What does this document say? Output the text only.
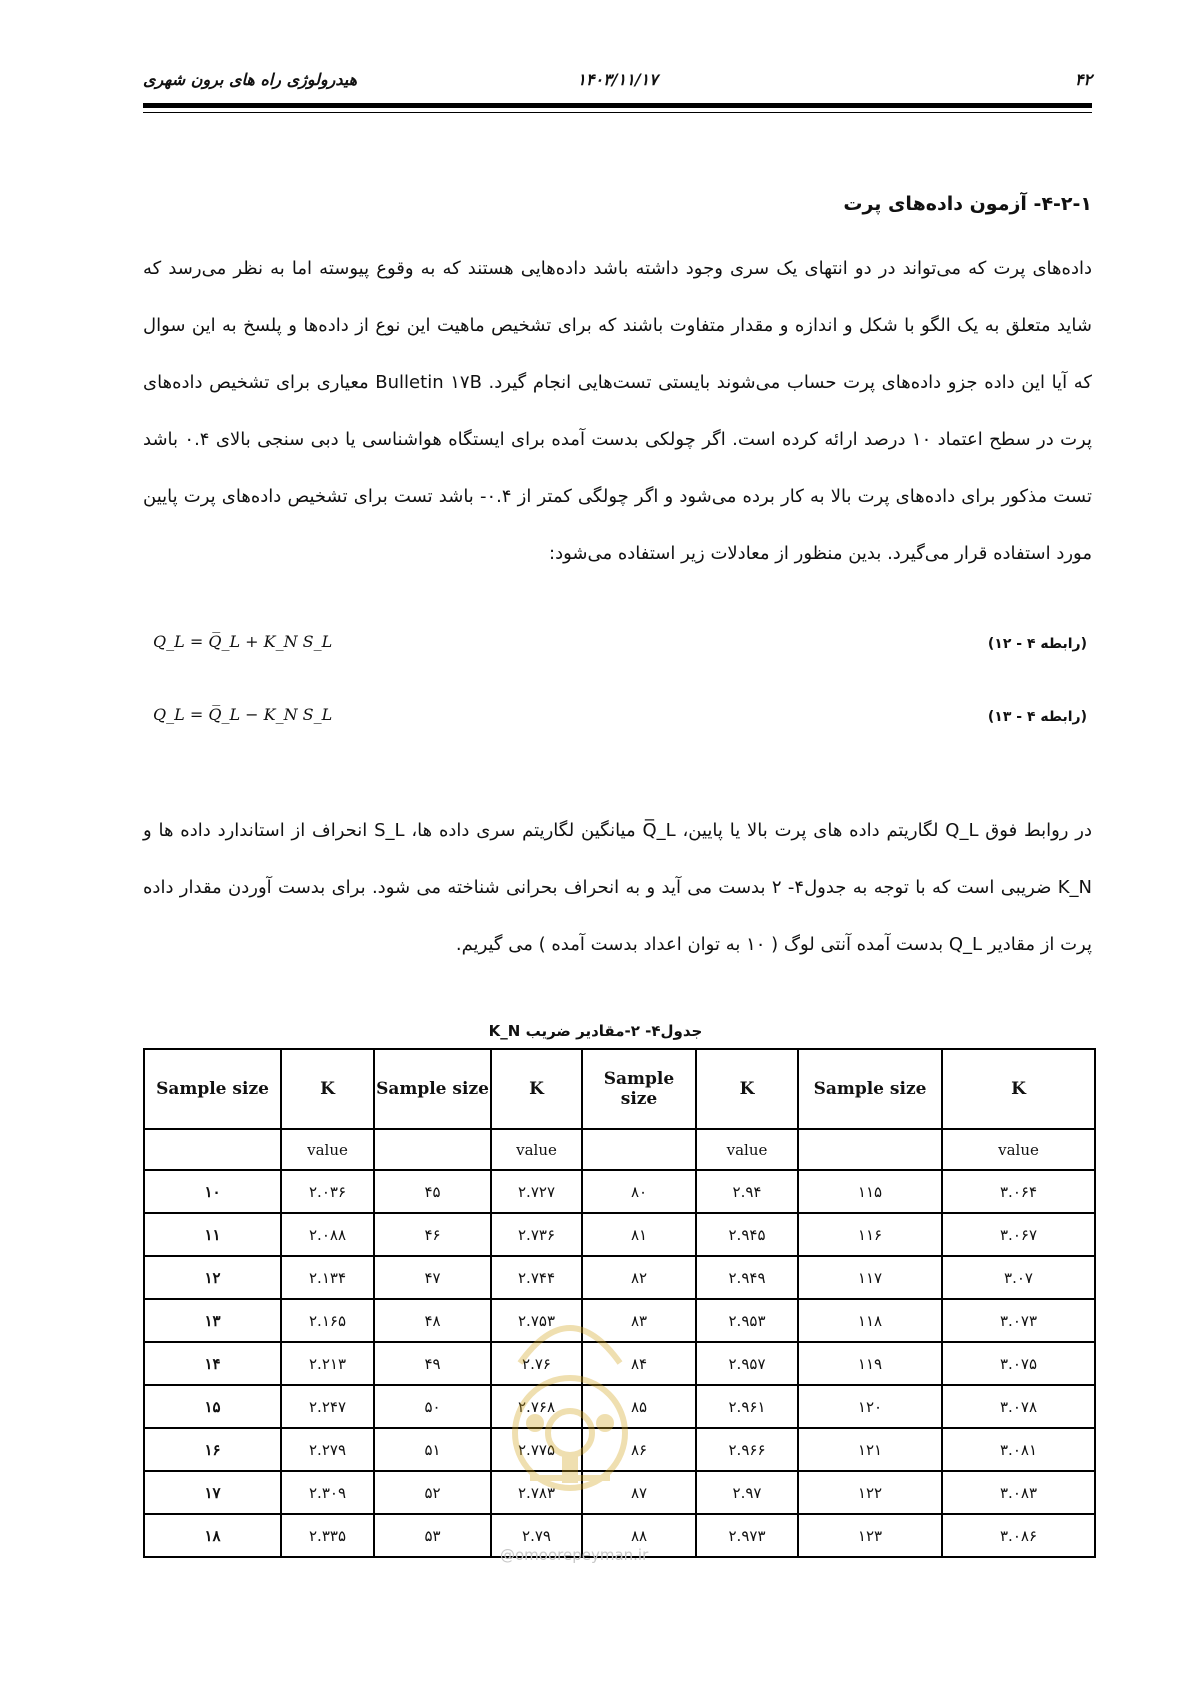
۴۲
۱۴۰۳/۱۱/۱۷
هیدرولوژی راه های برون شهری
۴-۲-۱- آزمون داده‌های پرت
داده‌های پرت که می‌تواند در دو انتهای یک سری وجود داشته باشد داده‌هایی هستند که به وقوع پیوسته اما به نظر می‌رسد که شاید متعلق به یک الگو با شکل و اندازه و مقدار متفاوت باشند که برای تشخیص ماهیت این نوع از داده‌ها و پلسخ به این سوال که آیا این داده جزو داده‌های پرت حساب می‌شوند بایستی تست‌هایی انجام گیرد. Bulletin ۱۷B معیاری برای تشخیص داده‌های پرت در سطح اعتماد ۱۰ درصد ارائه کرده است. اگر چولکی بدست آمده برای ایستگاه هواشناسی یا دبی سنجی بالای ۰.۴ باشد تست مذکور برای داده‌های پرت بالا به کار برده می‌شود و اگر چولگی کمتر از ۰.۴- باشد تست برای تشخیص داده‌های پرت پایین مورد استفاده قرار می‌گیرد. بدین منظور از معادلات زیر استفاده می‌شود:
Q_L = Q̅_L + K_N S_L	(رابطه ۴ - ۱۲)
Q_L = Q̅_L − K_N S_L	(رابطه ۴ - ۱۳)
در روابط فوق Q_L لگاریتم داده های پرت بالا یا پایین، Q̅_L میانگین لگاریتم سری داده ها، S_L انحراف از استاندارد داده ها و K_N ضریبی است که با توجه به جدول۴- ۲ بدست می آید و به انحراف بحرانی شناخته می شود. برای بدست آوردن مقدار داده پرت از مقادیر Q_L بدست آمده آنتی لوگ ( ۱۰ به توان اعداد بدست آمده ) می گیریم.
جدول۴- ۲-مقادیر ضریب K_N
Sample size	K	Sample size	K	Sample size	K	Sample size	K
	value		value		value		value
۱۰	۲.۰۳۶	۴۵	۲.۷۲۷	۸۰	۲.۹۴	۱۱۵	۳.۰۶۴
۱۱	۲.۰۸۸	۴۶	۲.۷۳۶	۸۱	۲.۹۴۵	۱۱۶	۳.۰۶۷
۱۲	۲.۱۳۴	۴۷	۲.۷۴۴	۸۲	۲.۹۴۹	۱۱۷	۳.۰۷
۱۳	۲.۱۶۵	۴۸	۲.۷۵۳	۸۳	۲.۹۵۳	۱۱۸	۳.۰۷۳
۱۴	۲.۲۱۳	۴۹	۲.۷۶	۸۴	۲.۹۵۷	۱۱۹	۳.۰۷۵
۱۵	۲.۲۴۷	۵۰	۲.۷۶۸	۸۵	۲.۹۶۱	۱۲۰	۳.۰۷۸
۱۶	۲.۲۷۹	۵۱	۲.۷۷۵	۸۶	۲.۹۶۶	۱۲۱	۳.۰۸۱
۱۷	۲.۳۰۹	۵۲	۲.۷۸۳	۸۷	۲.۹۷	۱۲۲	۳.۰۸۳
۱۸	۲.۳۳۵	۵۳	۲.۷۹	۸۸	۲.۹۷۳	۱۲۳	۳.۰۸۶
@omoorepeyman.ir
